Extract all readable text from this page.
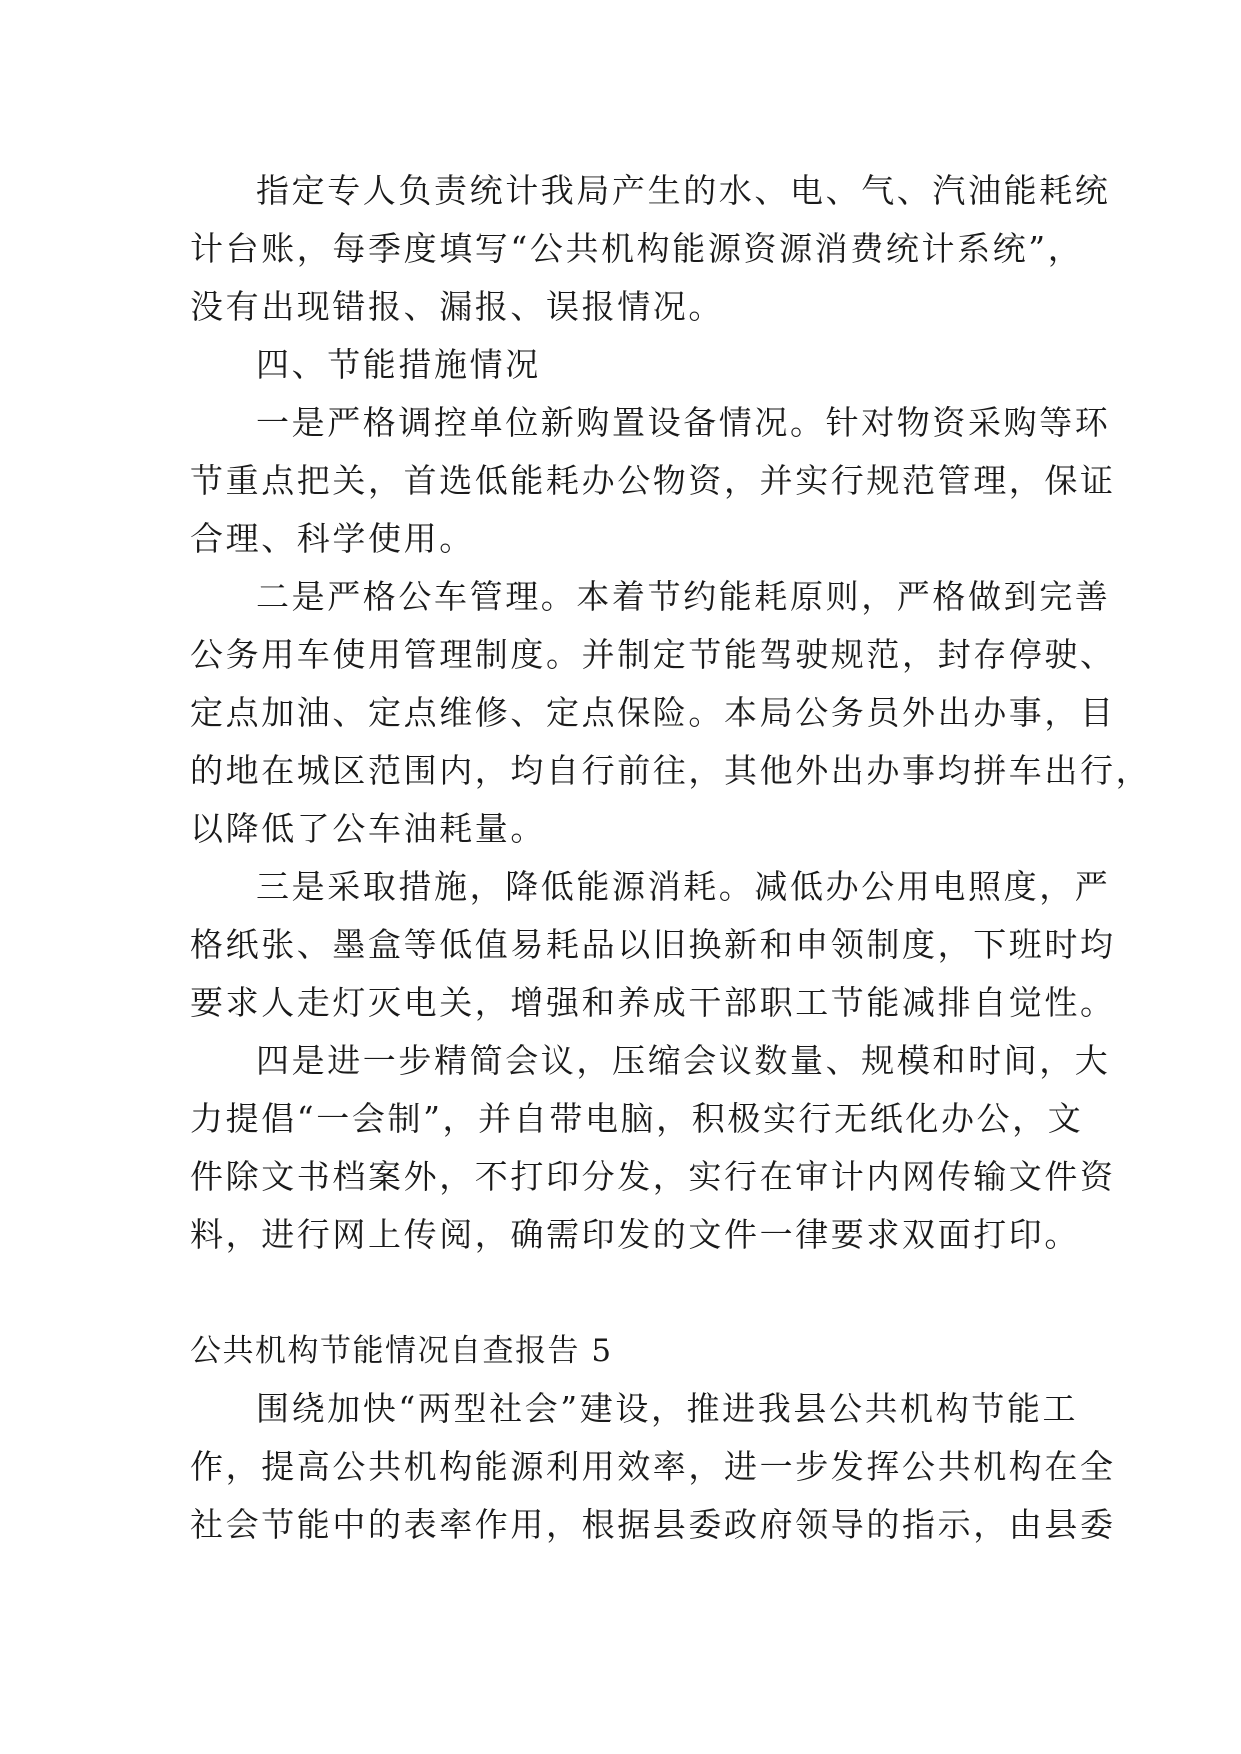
指定专人负责统计我局产生的水、电、气、汽油能耗统
计台账，每季度填写“公共机构能源资源消费统计系统”，
没有出现错报、漏报、误报情况。
四、节能措施情况
一是严格调控单位新购置设备情况。针对物资采购等环
节重点把关，首选低能耗办公物资，并实行规范管理，保证
合理、科学使用。
二是严格公车管理。本着节约能耗原则，严格做到完善
公务用车使用管理制度。并制定节能驾驶规范，封存停驶、
定点加油、定点维修、定点保险。本局公务员外出办事，目
的地在城区范围内，均自行前往，其他外出办事均拼车出行，
以降低了公车油耗量。
三是采取措施，降低能源消耗。减低办公用电照度，严
格纸张、墨盒等低值易耗品以旧换新和申领制度，下班时均
要求人走灯灭电关，增强和养成干部职工节能减排自觉性。
四是进一步精简会议，压缩会议数量、规模和时间，大
力提倡“一会制”，并自带电脑，积极实行无纸化办公，文
件除文书档案外，不打印分发，实行在审计内网传输文件资
料，进行网上传阅，确需印发的文件一律要求双面打印。
公共机构节能情况自查报告 5
围绕加快“两型社会”建设，推进我县公共机构节能工
作，提高公共机构能源利用效率，进一步发挥公共机构在全
社会节能中的表率作用，根据县委政府领导的指示，由县委
